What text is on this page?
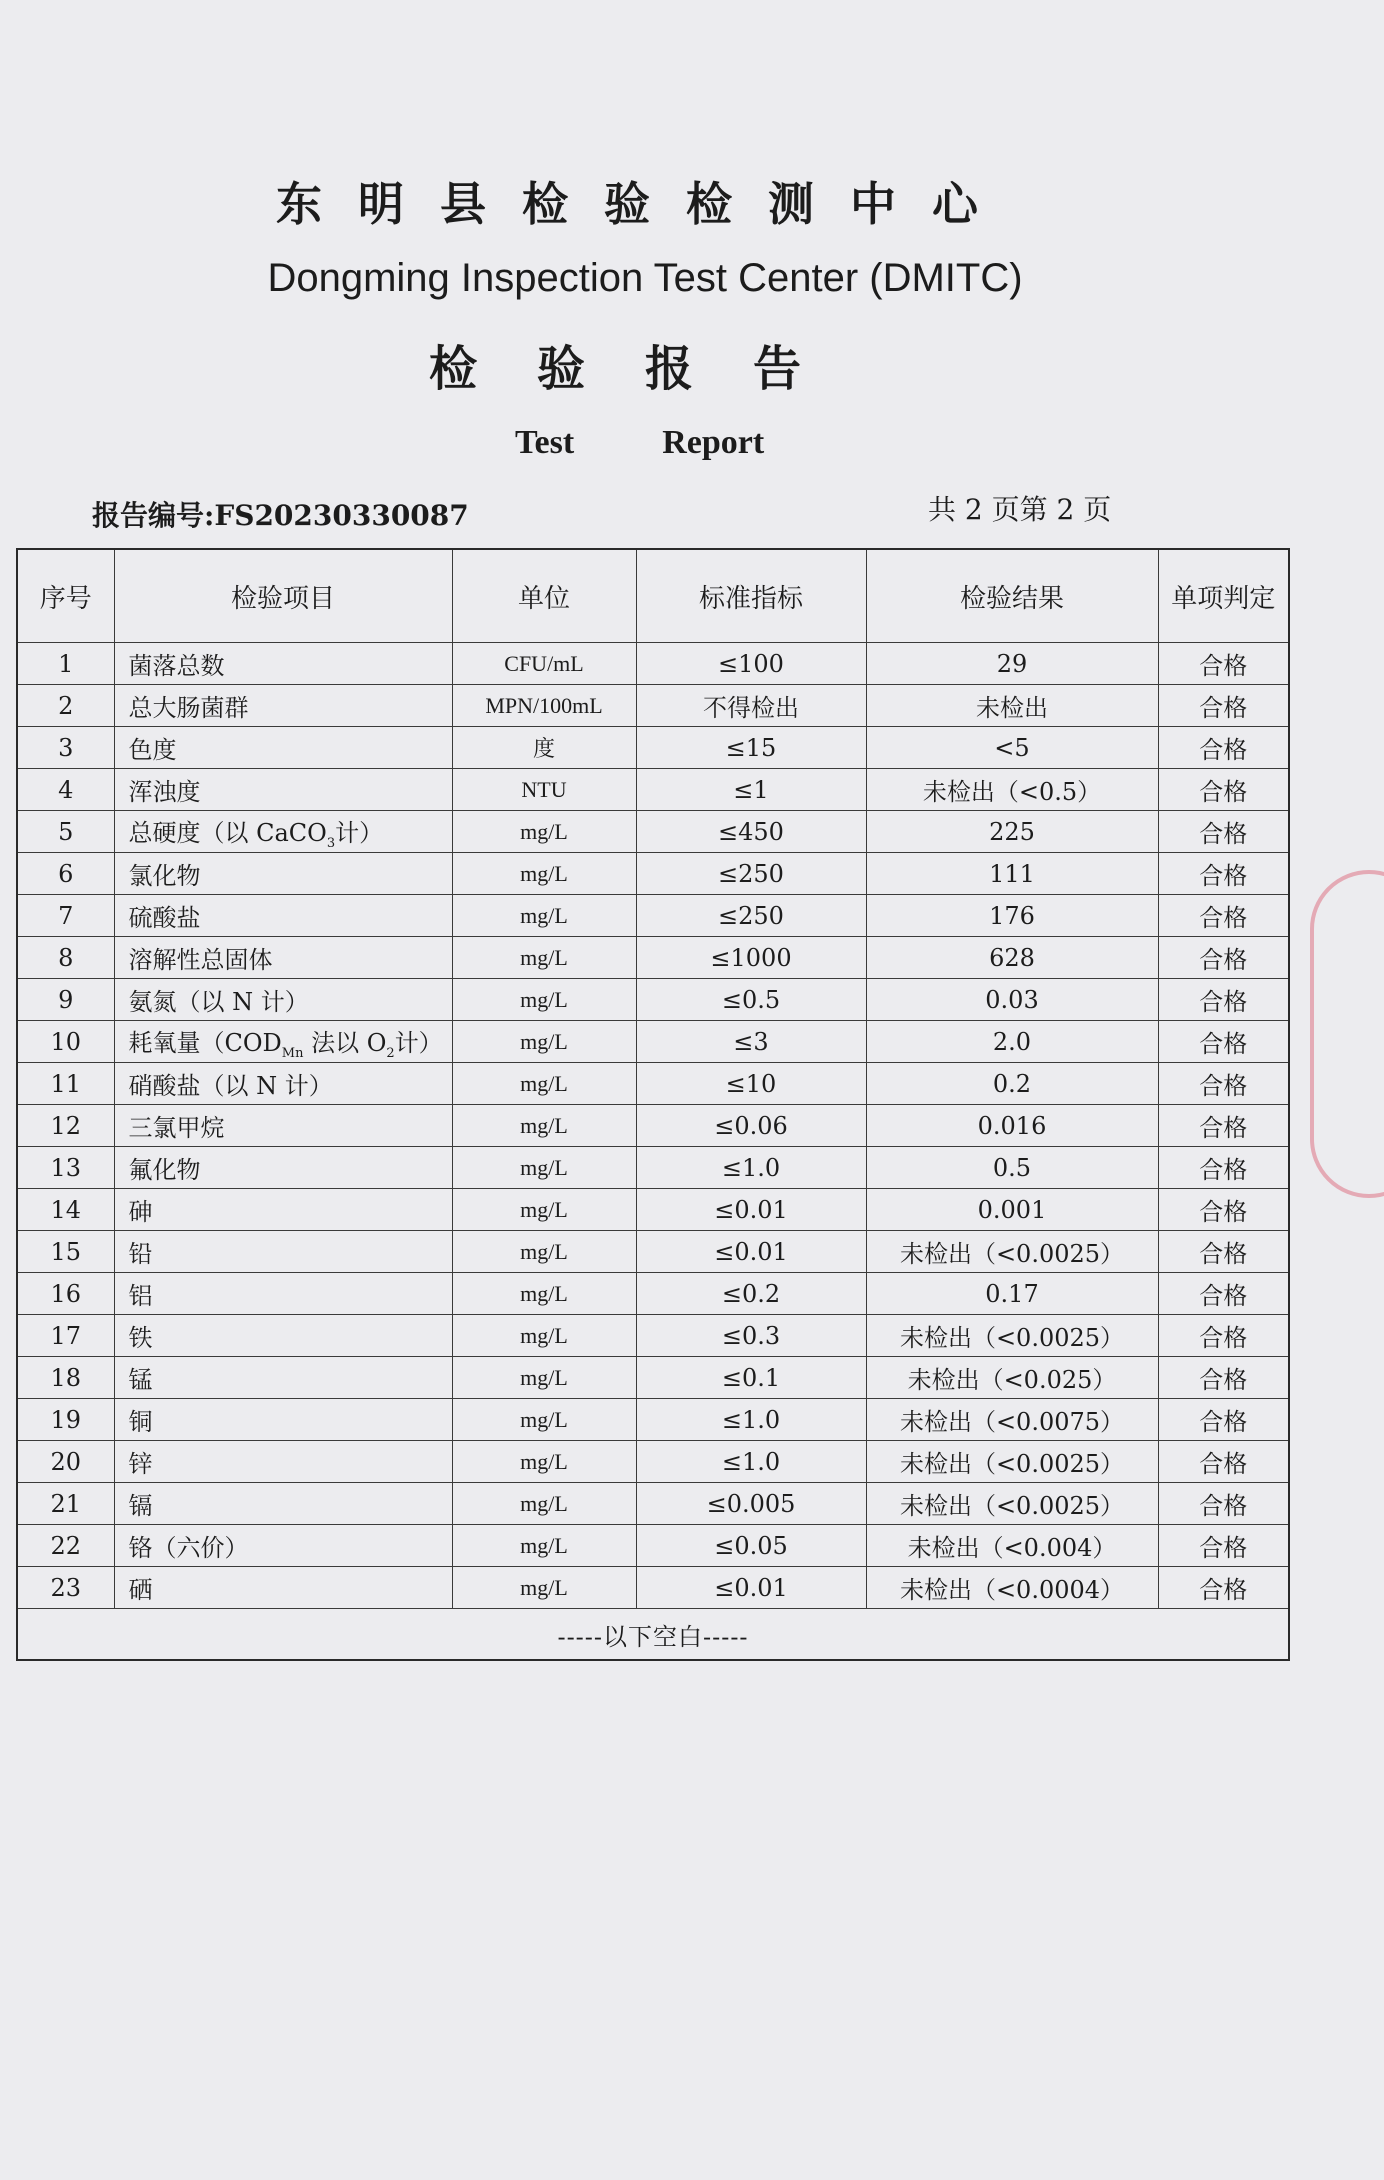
东明县检验检测中心
Dongming Inspection Test Center (DMITC)
检验报告
Test	Report
报告编号:FS20230330087	共 2 页第 2 页
序号	检验项目	单位	标准指标	检验结果	单项判定
1	菌落总数	CFU/mL	≤100	29	合格
2	总大肠菌群	MPN/100mL	不得检出	未检出	合格
3	色度	度	≤15	<5	合格
4	浑浊度	NTU	≤1	未检出（<0.5）	合格
5	总硬度（以 CaCO$_3$计）	mg/L	≤450	225	合格
6	氯化物	mg/L	≤250	111	合格
7	硫酸盐	mg/L	≤250	176	合格
8	溶解性总固体	mg/L	≤1000	628	合格
9	氨氮（以 N 计）	mg/L	≤0.5	0.03	合格
10	耗氧量（$COD_{Mn}$ 法以 $O_2$计）	mg/L	≤3	2.0	合格
11	硝酸盐（以 N 计）	mg/L	≤10	0.2	合格
12	三氯甲烷	mg/L	≤0.06	0.016	合格
13	氟化物	mg/L	≤1.0	0.5	合格
14	砷	mg/L	≤0.01	0.001	合格
15	铅	mg/L	≤0.01	未检出（<0.0025）	合格
16	铝	mg/L	≤0.2	0.17	合格
17	铁	mg/L	≤0.3	未检出（<0.0025）	合格
18	锰	mg/L	≤0.1	未检出（<0.025）	合格
19	铜	mg/L	≤1.0	未检出（<0.0075）	合格
20	锌	mg/L	≤1.0	未检出（<0.0025）	合格
21	镉	mg/L	≤0.005	未检出（<0.0025）	合格
22	铬（六价）	mg/L	≤0.05	未检出（<0.004）	合格
23	硒	mg/L	≤0.01	未检出（<0.0004）	合格
-----以下空白-----					
